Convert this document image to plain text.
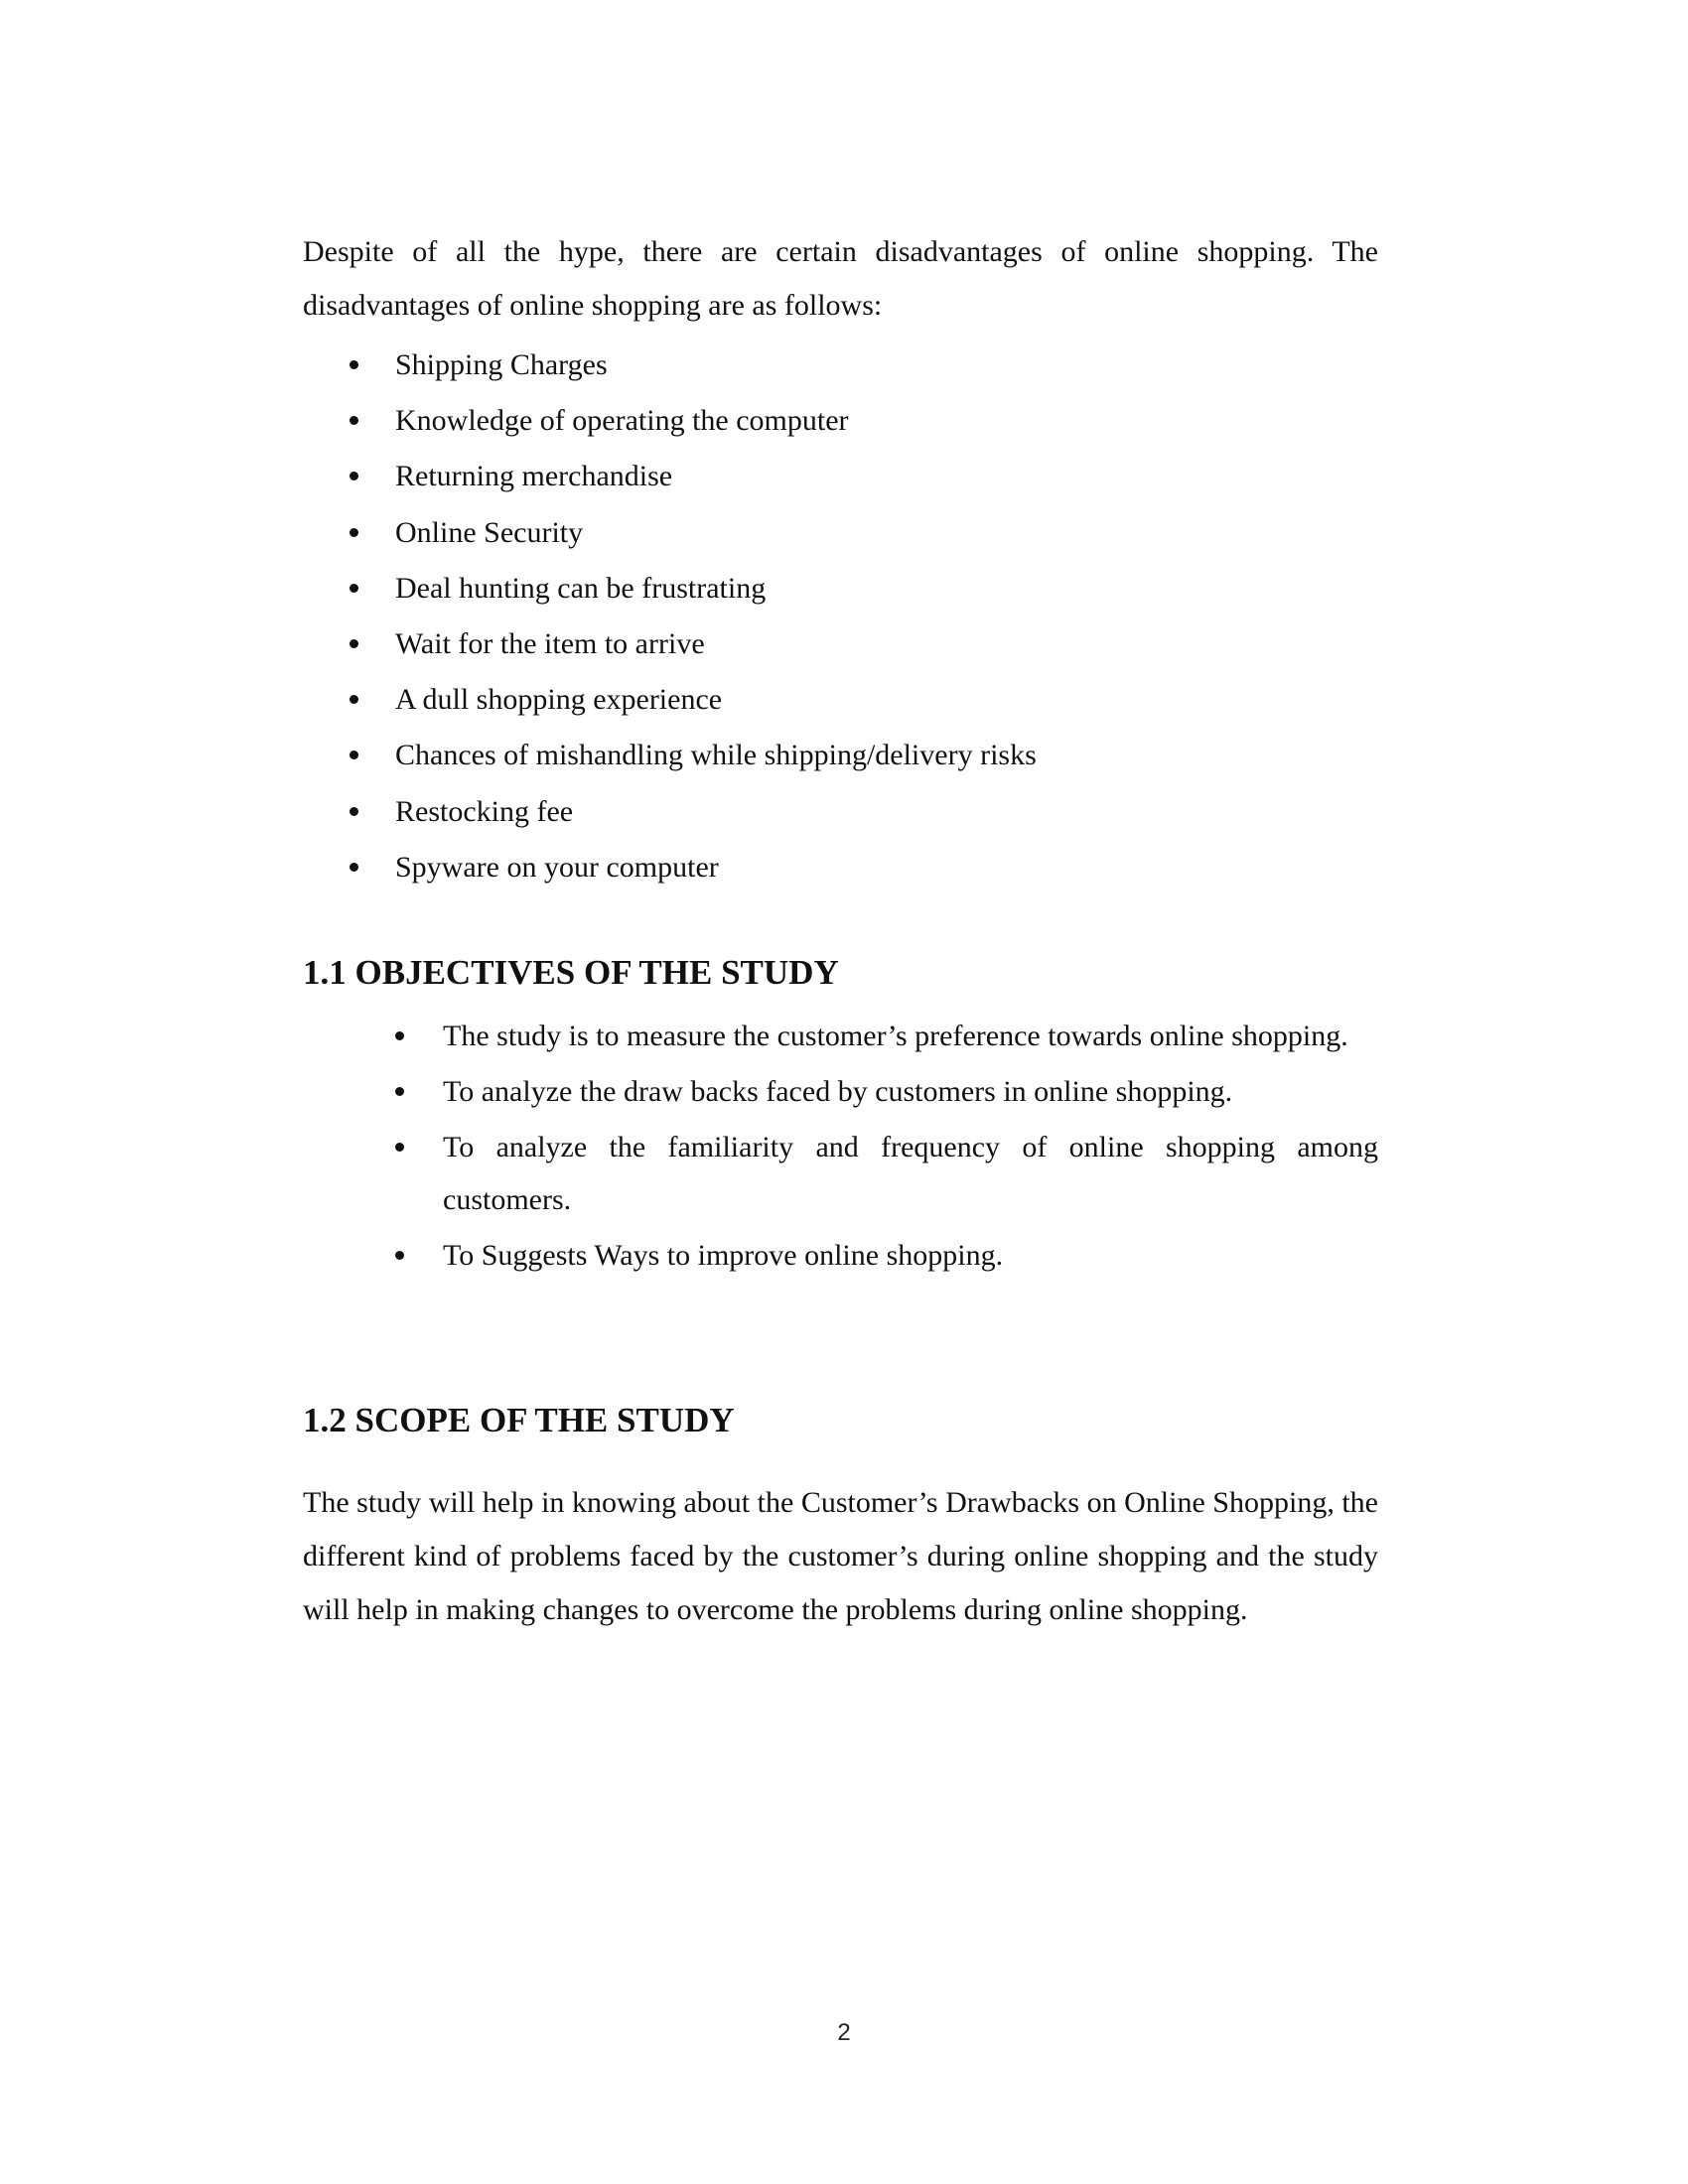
Despite of all the hype, there are certain disadvantages of online shopping. The disadvantages of online shopping are as follows:

Shipping Charges
Knowledge of operating the computer
Returning merchandise
Online Security
Deal hunting can be frustrating
Wait for the item to arrive
A dull shopping experience
Chances of mishandling while shipping/delivery risks
Restocking fee
Spyware on your computer
1.1 OBJECTIVES OF THE STUDY
The study is to measure the customer’s preference towards online shopping.
To analyze the draw backs faced by customers in online shopping.
To analyze the familiarity and frequency of online shopping among customers.
To Suggests Ways to improve online shopping.
1.2 SCOPE OF THE STUDY

The study will help in knowing about the Customer’s Drawbacks on Online Shopping, the different kind of problems faced by the customer’s during online shopping and the study will help in making changes to overcome the problems during online shopping.

2
